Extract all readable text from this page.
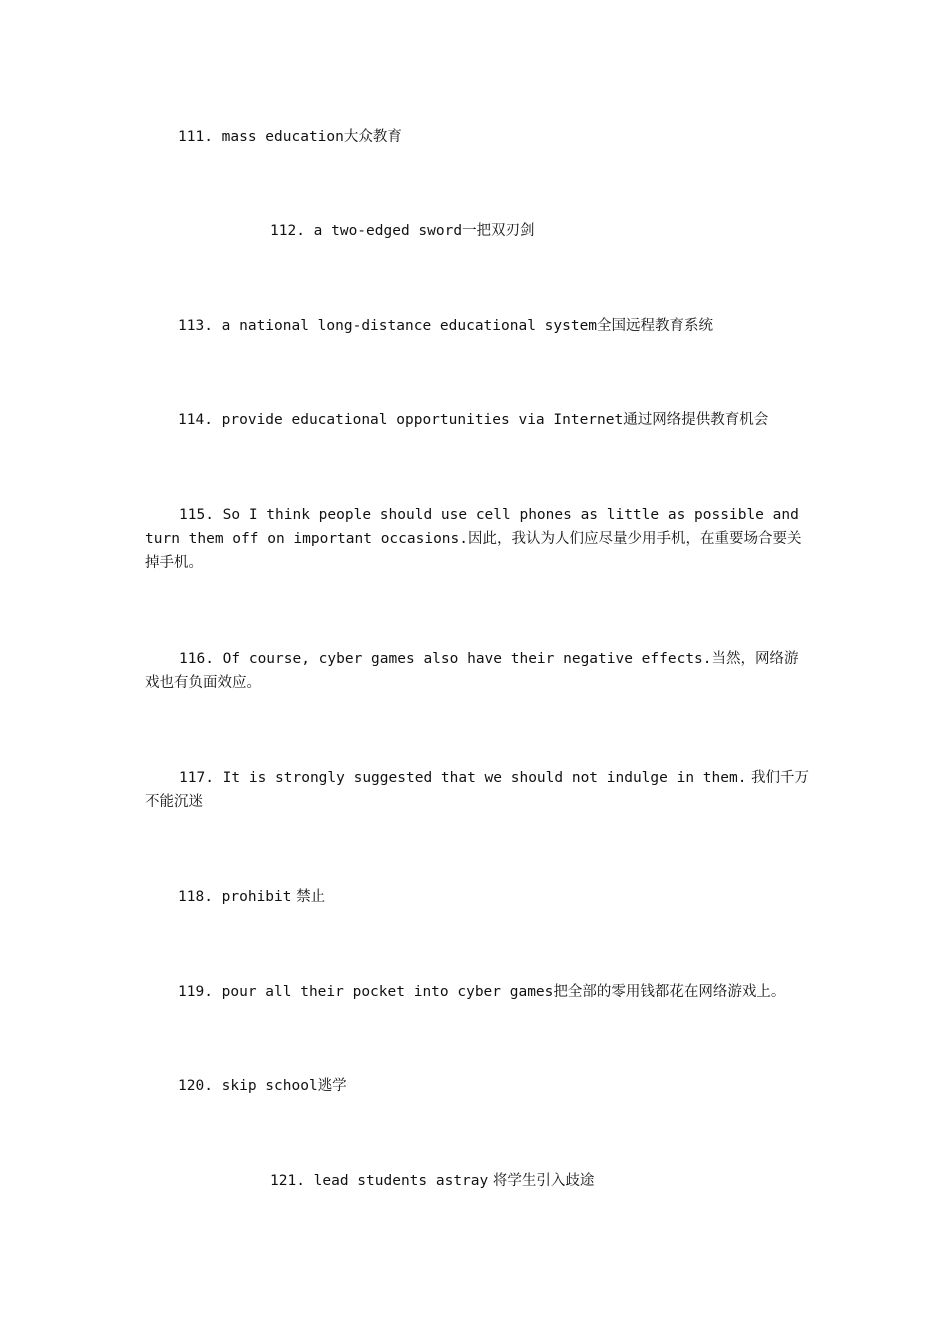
111. mass education大众教育

112. a two-edged sword一把双刃剑

113. a national long-distance educational system全国远程教育系统

114. provide educational opportunities via Internet通过网络提供教育机会

115. So I think people should use cell phones as little as possible and turn them off on important occasions.因此，我认为人们应尽量少用手机，在重要场合要关掉手机。

116. Of course, cyber games also have their negative effects.当然，网络游戏也有负面效应。

117. It is strongly suggested that we should not indulge in them. 我们千万不能沉迷

118. prohibit 禁止

119. pour all their pocket into cyber games把全部的零用钱都花在网络游戏上。

120. skip school逃学

121. lead students astray 将学生引入歧途
